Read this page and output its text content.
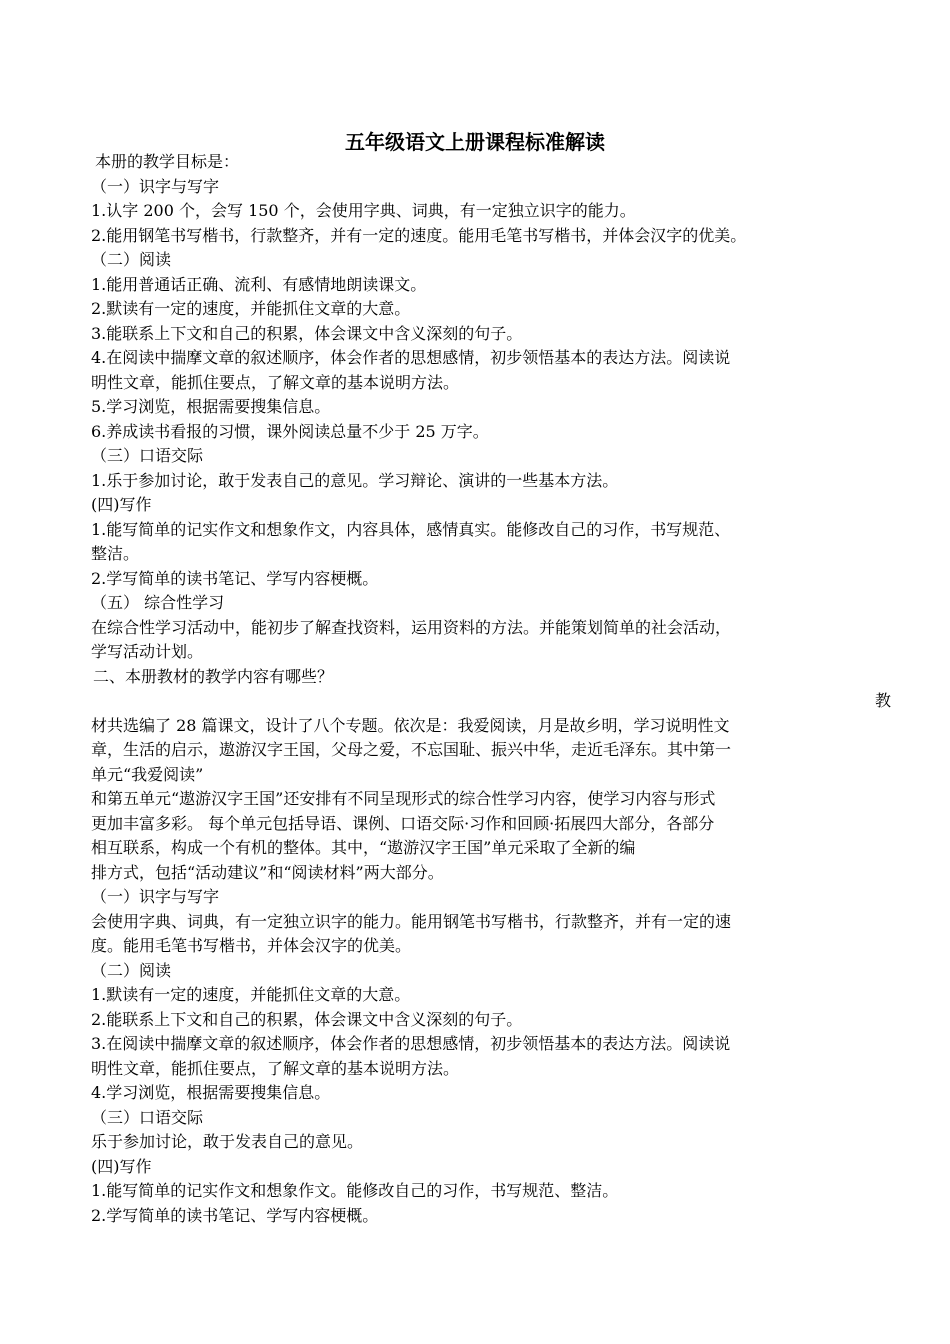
五年级语文上册课程标准解读
本册的教学目标是：
（一）识字与写字
1.认字 200 个，会写 150 个，会使用字典、词典，有一定独立识字的能力。
2.能用钢笔书写楷书，行款整齐，并有一定的速度。能用毛笔书写楷书，并体会汉字的优美。
（二）阅读
1.能用普通话正确、流利、有感情地朗读课文。
2.默读有一定的速度，并能抓住文章的大意。
3.能联系上下文和自己的积累，体会课文中含义深刻的句子。
4.在阅读中揣摩文章的叙述顺序，体会作者的思想感情，初步领悟基本的表达方法。阅读说
明性文章，能抓住要点，了解文章的基本说明方法。
5.学习浏览，根据需要搜集信息。
6.养成读书看报的习惯，课外阅读总量不少于 25 万字。
（三）口语交际
1.乐于参加讨论，敢于发表自己的意见。学习辩论、演讲的一些基本方法。
(四)写作
1.能写简单的记实作文和想象作文，内容具体，感情真实。能修改自己的习作，书写规范、
整洁。
2.学写简单的读书笔记、学写内容梗概。
（五） 综合性学习
在综合性学习活动中，能初步了解查找资料，运用资料的方法。并能策划简单的社会活动，
学写活动计划。
二、本册教材的教学内容有哪些？
教
材共选编了 28 篇课文，设计了八个专题。依次是：我爱阅读，月是故乡明，学习说明性文
章，生活的启示，遨游汉字王国，父母之爱，不忘国耻、振兴中华，走近毛泽东。其中第一
单元“我爱阅读”
和第五单元“遨游汉字王国”还安排有不同呈现形式的综合性学习内容，使学习内容与形式
更加丰富多彩。 每个单元包括导语、课例、口语交际·习作和回顾·拓展四大部分，各部分
相互联系，构成一个有机的整体。其中，“遨游汉字王国”单元采取了全新的编
排方式，包括“活动建议”和“阅读材料”两大部分。
（一）识字与写字
会使用字典、词典，有一定独立识字的能力。能用钢笔书写楷书，行款整齐，并有一定的速
度。能用毛笔书写楷书，并体会汉字的优美。
（二）阅读
1.默读有一定的速度，并能抓住文章的大意。
2.能联系上下文和自己的积累，体会课文中含义深刻的句子。
3.在阅读中揣摩文章的叙述顺序，体会作者的思想感情，初步领悟基本的表达方法。阅读说
明性文章，能抓住要点，了解文章的基本说明方法。
4.学习浏览，根据需要搜集信息。
（三）口语交际
乐于参加讨论，敢于发表自己的意见。
(四)写作
1.能写简单的记实作文和想象作文。能修改自己的习作，书写规范、整洁。
2.学写简单的读书笔记、学写内容梗概。
